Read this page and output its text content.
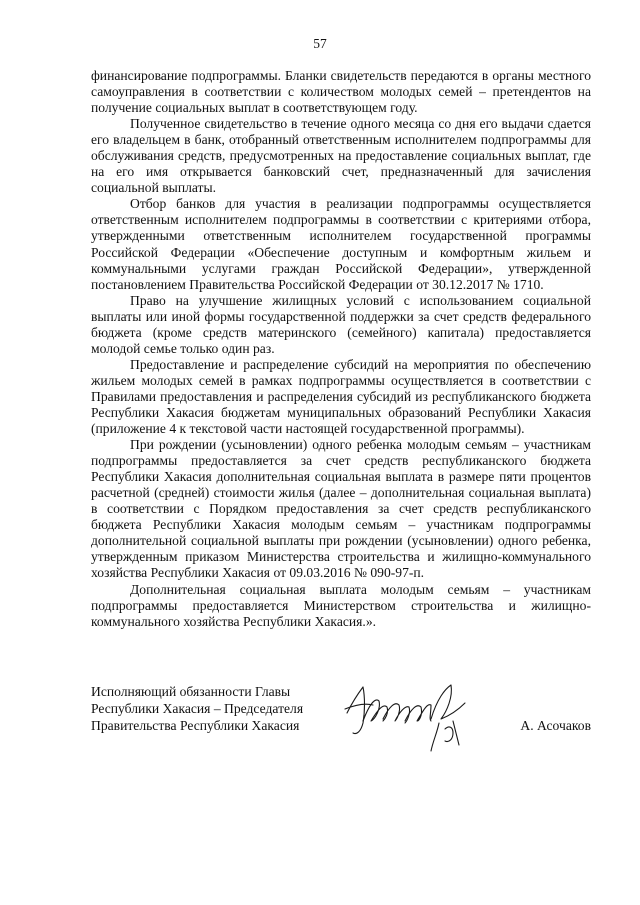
57

финансирование подпрограммы. Бланки свидетельств передаются в органы местного самоуправления в соответствии с количеством молодых семей – претендентов на получение социальных выплат в соответствующем году.

Полученное свидетельство в течение одного месяца со дня его выдачи сдается его владельцем в банк, отобранный ответственным исполнителем подпрограммы для обслуживания средств, предусмотренных на предоставление социальных выплат, где на его имя открывается банковский счет, предназначенный для зачисления социальной выплаты.

Отбор банков для участия в реализации подпрограммы осуществляется ответственным исполнителем подпрограммы в соответствии с критериями отбора, утвержденными ответственным исполнителем государственной программы Российской Федерации «Обеспечение доступным и комфортным жильем и коммунальными услугами граждан Российской Федерации», утвержденной постановлением Правительства Российской Федерации от 30.12.2017 № 1710.

Право на улучшение жилищных условий с использованием социальной выплаты или иной формы государственной поддержки за счет средств федерального бюджета (кроме средств материнского (семейного) капитала) предоставляется молодой семье только один раз.

Предоставление и распределение субсидий на мероприятия по обеспечению жильем молодых семей в рамках подпрограммы осуществляется в соответствии с Правилами предоставления и распределения субсидий из республиканского бюджета Республики Хакасия бюджетам муниципальных образований Республики Хакасия (приложение 4 к текстовой части настоящей государственной программы).

При рождении (усыновлении) одного ребенка молодым семьям – участникам подпрограммы предоставляется за счет средств республиканского бюджета Республики Хакасия дополнительная социальная выплата в размере пяти процентов расчетной (средней) стоимости жилья (далее – дополнительная социальная выплата) в соответствии с Порядком предоставления за счет средств республиканского бюджета Республики Хакасия молодым семьям – участникам подпрограммы дополнительной социальной выплаты при рождении (усыновлении) одного ребенка, утвержденным приказом Министерства строительства и жилищно-коммунального хозяйства Республики Хакасия от 09.03.2016 № 090-97-п.

Дополнительная социальная выплата молодым семьям – участникам подпрограммы предоставляется Министерством строительства и жилищно-коммунального хозяйства Республики Хакасия.».

Исполняющий обязанности Главы
Республики Хакасия – Председателя
Правительства Республики Хакасия	А. Асочаков
